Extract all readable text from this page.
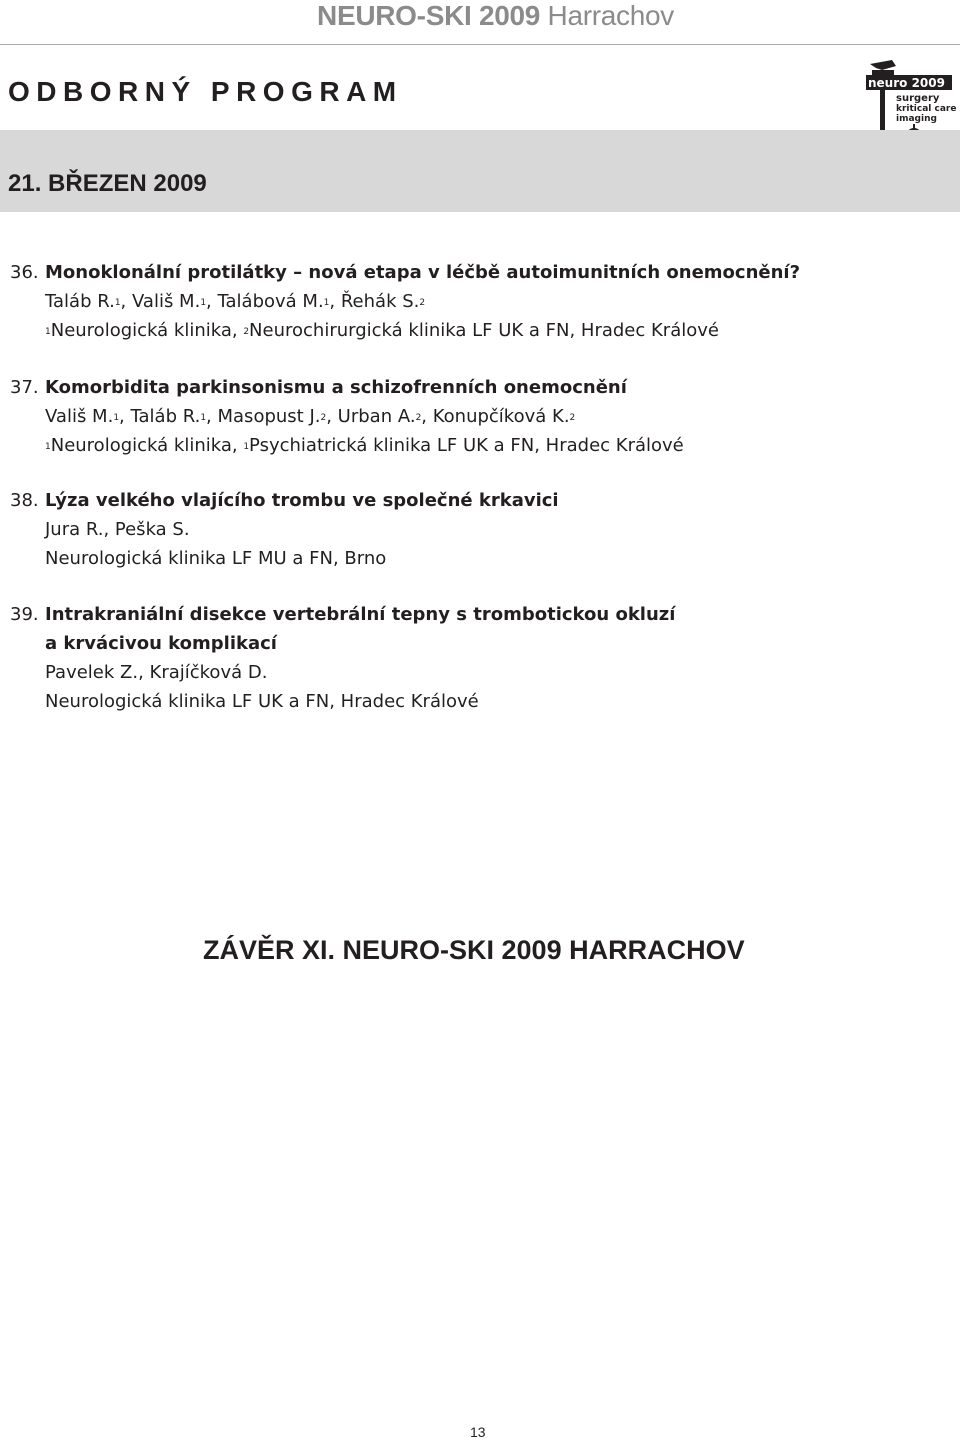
NEURO-SKI 2009 Harrachov
ODBORNÝ PROGRAM	neuro 2009
surgery
kritical care
imaging
21. BŘEZEN 2009
36. Monoklonální protilátky – nová etapa v léčbě autoimunitních onemocnění?
Taláb R.$^1$, Vališ M.$^1$, Talábová M.$^1$, Řehák S.$^2$
$^1$Neurologická klinika, $^2$Neurochirurgická klinika LF UK a FN, Hradec Králové
37. Komorbidita parkinsonismu a schizofrenních onemocnění
Vališ M.$^1$, Taláb R.$^1$, Masopust J.$^2$, Urban A.$^2$, Konupčíková K.$^2$
$^1$Neurologická klinika, $^1$Psychiatrická klinika LF UK a FN, Hradec Králové
38. Lýza velkého vlajícího trombu ve společné krkavici
Jura R., Peška S.
Neurologická klinika LF MU a FN, Brno
39. Intrakraniální disekce vertebrální tepny s trombotickou okluzí
a krvácivou komplikací
Pavelek Z., Krajíčková D.
Neurologická klinika LF UK a FN, Hradec Králové
ZÁVĚR XI. NEURO-SKI 2009 HARRACHOV
13
